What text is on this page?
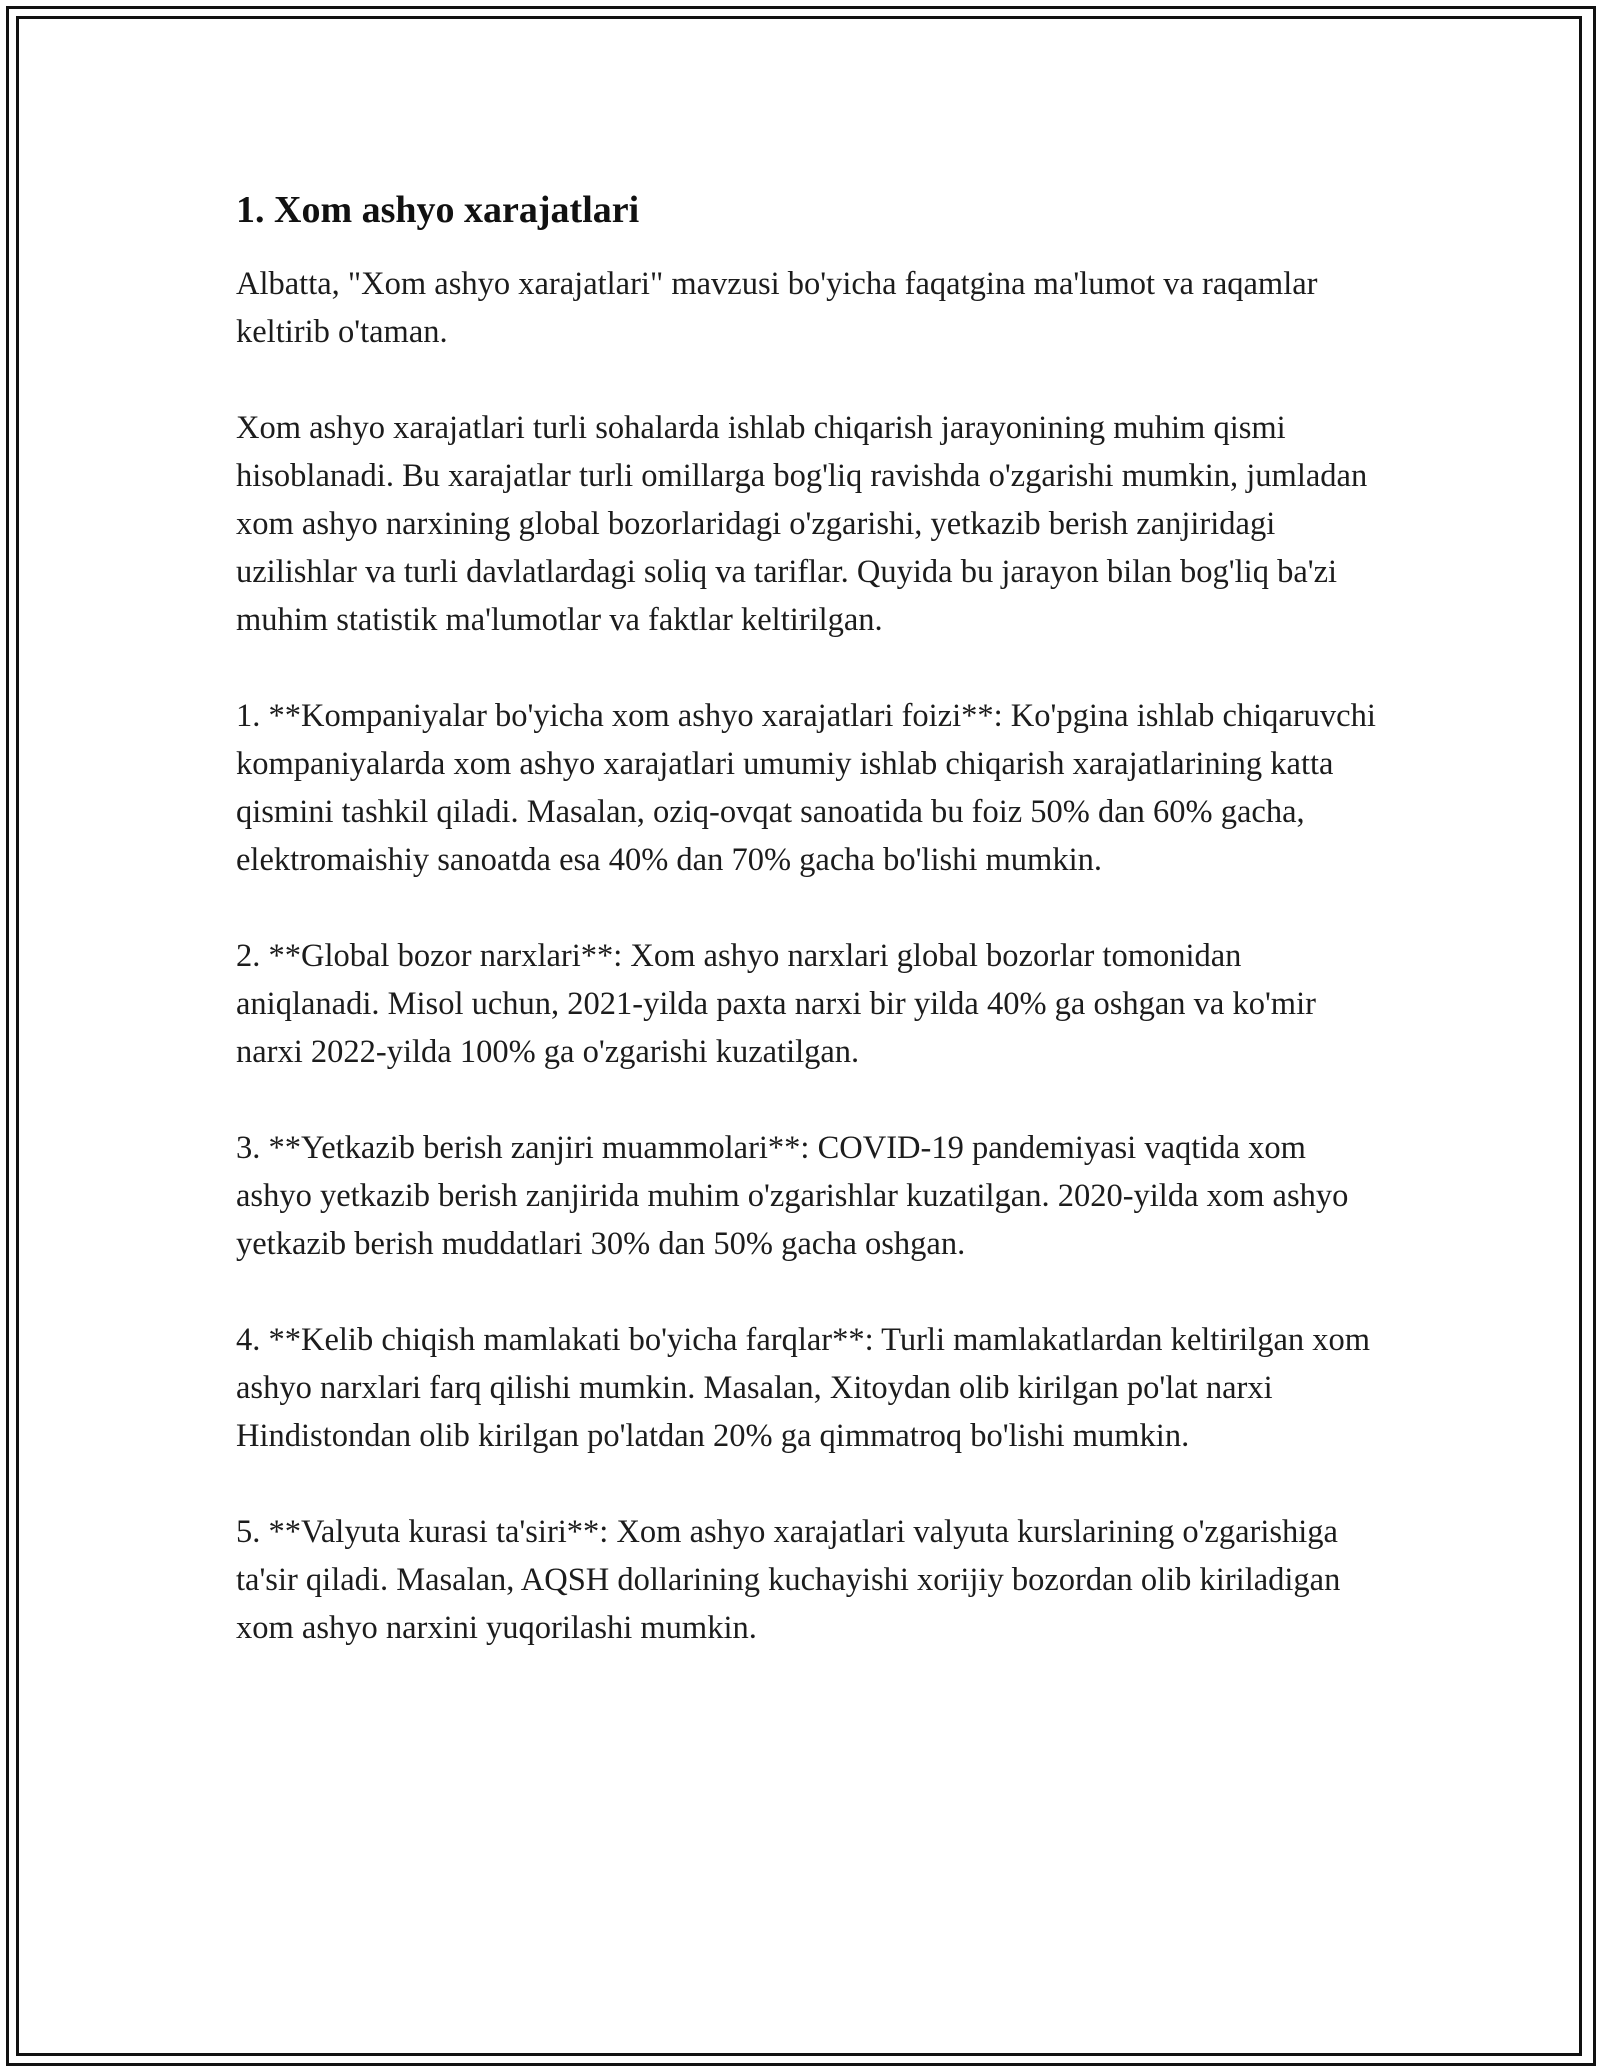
1. Xom ashyo xarajatlari

Albatta, "Xom ashyo xarajatlari" mavzusi bo'yicha faqatgina ma'lumot va raqamlar keltirib o'taman.

Xom ashyo xarajatlari turli sohalarda ishlab chiqarish jarayonining muhim qismi hisoblanadi. Bu xarajatlar turli omillarga bog'liq ravishda o'zgarishi mumkin, jumladan xom ashyo narxining global bozorlaridagi o'zgarishi, yetkazib berish zanjiridagi uzilishlar va turli davlatlardagi soliq va tariflar. Quyida bu jarayon bilan bog'liq ba'zi muhim statistik ma'lumotlar va faktlar keltirilgan.

1. **Kompaniyalar bo'yicha xom ashyo xarajatlari foizi**: Ko'pgina ishlab chiqaruvchi kompaniyalarda xom ashyo xarajatlari umumiy ishlab chiqarish xarajatlarining katta qismini tashkil qiladi. Masalan, oziq-ovqat sanoatida bu foiz 50% dan 60% gacha, elektromaishiy sanoatda esa 40% dan 70% gacha bo'lishi mumkin.

2. **Global bozor narxlari**: Xom ashyo narxlari global bozorlar tomonidan aniqlanadi. Misol uchun, 2021-yilda paxta narxi bir yilda 40% ga oshgan va ko'mir narxi 2022-yilda 100% ga o'zgarishi kuzatilgan.

3. **Yetkazib berish zanjiri muammolari**: COVID-19 pandemiyasi vaqtida xom ashyo yetkazib berish zanjirida muhim o'zgarishlar kuzatilgan. 2020-yilda xom ashyo yetkazib berish muddatlari 30% dan 50% gacha oshgan.

4. **Kelib chiqish mamlakati bo'yicha farqlar**: Turli mamlakatlardan keltirilgan xom ashyo narxlari farq qilishi mumkin. Masalan, Xitoydan olib kirilgan po'lat narxi Hindistondan olib kirilgan po'latdan 20% ga qimmatroq bo'lishi mumkin.

5. **Valyuta kurasi ta'siri**: Xom ashyo xarajatlari valyuta kurslarining o'zgarishiga ta'sir qiladi. Masalan, AQSH dollarining kuchayishi xorijiy bozordan olib kiriladigan xom ashyo narxini yuqorilashi mumkin.
